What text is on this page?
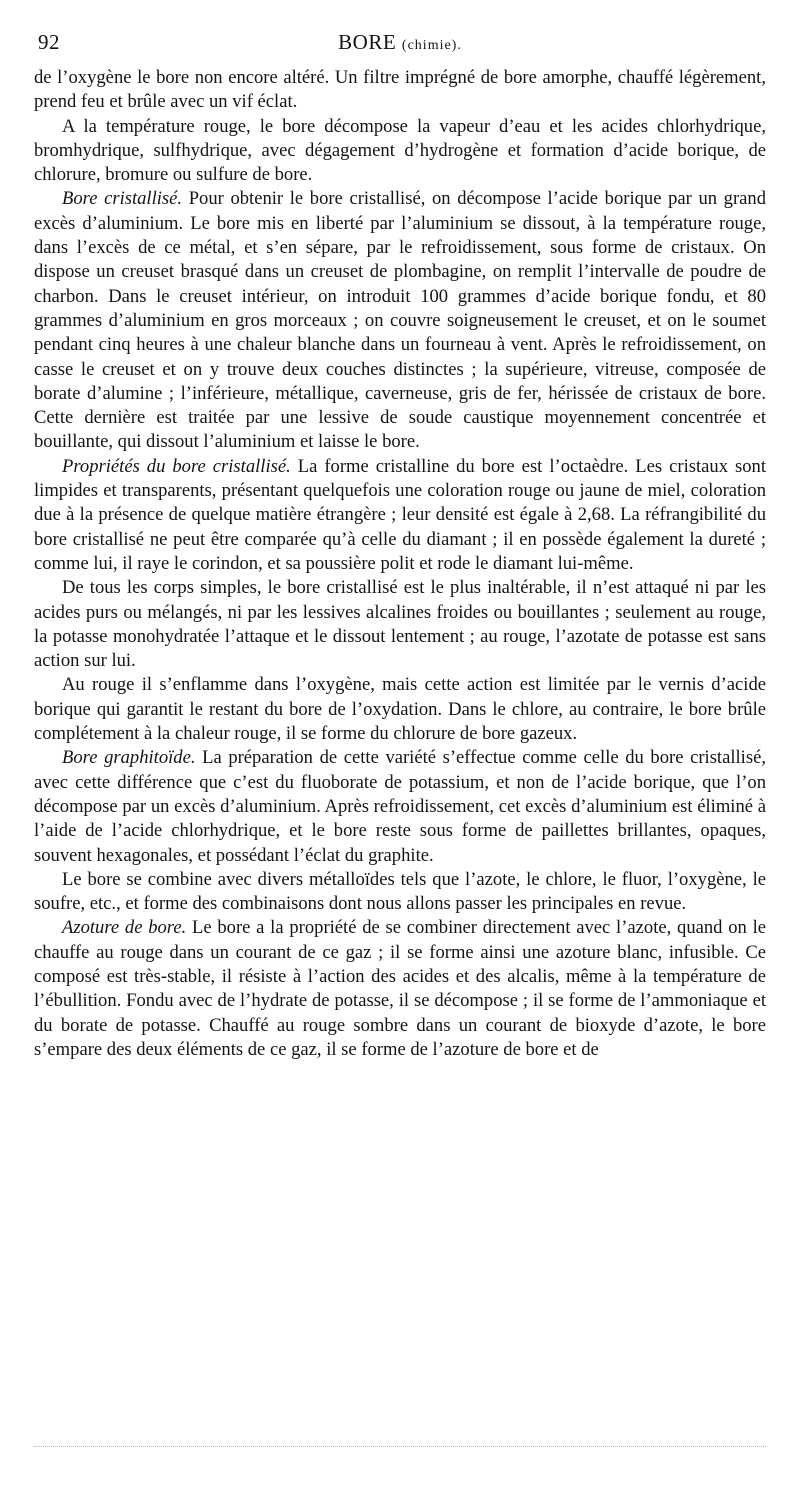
92	BORE (chimie).

de l’oxygène le bore non encore altéré. Un filtre imprégné de bore amorphe, chauffé légèrement, prend feu et brûle avec un vif éclat.

A la température rouge, le bore décompose la vapeur d’eau et les acides chlorhydrique, bromhydrique, sulfhydrique, avec dégagement d’hydrogène et formation d’acide borique, de chlorure, bromure ou sulfure de bore.

Bore cristallisé. Pour obtenir le bore cristallisé, on décompose l’acide borique par un grand excès d’aluminium. Le bore mis en liberté par l’aluminium se dissout, à la température rouge, dans l’excès de ce métal, et s’en sépare, par le refroidissement, sous forme de cristaux. On dispose un creuset brasqué dans un creuset de plombagine, on remplit l’intervalle de poudre de charbon. Dans le creuset intérieur, on introduit 100 grammes d’acide borique fondu, et 80 grammes d’aluminium en gros morceaux ; on couvre soigneusement le creuset, et on le soumet pendant cinq heures à une chaleur blanche dans un fourneau à vent. Après le refroidissement, on casse le creuset et on y trouve deux couches distinctes ; la supérieure, vitreuse, composée de borate d’alumine ; l’inférieure, métallique, caverneuse, gris de fer, hérissée de cristaux de bore. Cette dernière est traitée par une lessive de soude caustique moyennement concentrée et bouillante, qui dissout l’aluminium et laisse le bore.

Propriétés du bore cristallisé. La forme cristalline du bore est l’octaèdre. Les cristaux sont limpides et transparents, présentant quelquefois une coloration rouge ou jaune de miel, coloration due à la présence de quelque matière étrangère ; leur densité est égale à 2,68. La réfrangibilité du bore cristallisé ne peut être comparée qu’à celle du diamant ; il en possède également la dureté ; comme lui, il raye le corindon, et sa poussière polit et rode le diamant lui-même.

De tous les corps simples, le bore cristallisé est le plus inaltérable, il n’est attaqué ni par les acides purs ou mélangés, ni par les lessives alcalines froides ou bouillantes ; seulement au rouge, la potasse monohydratée l’attaque et le dissout lentement ; au rouge, l’azotate de potasse est sans action sur lui.

Au rouge il s’enflamme dans l’oxygène, mais cette action est limitée par le vernis d’acide borique qui garantit le restant du bore de l’oxydation. Dans le chlore, au contraire, le bore brûle complétement à la chaleur rouge, il se forme du chlorure de bore gazeux.

Bore graphitoïde. La préparation de cette variété s’effectue comme celle du bore cristallisé, avec cette différence que c’est du fluoborate de potassium, et non de l’acide borique, que l’on décompose par un excès d’aluminium. Après refroidissement, cet excès d’aluminium est éliminé à l’aide de l’acide chlorhydrique, et le bore reste sous forme de paillettes brillantes, opaques, souvent hexagonales, et possédant l’éclat du graphite.

Le bore se combine avec divers métalloïdes tels que l’azote, le chlore, le fluor, l’oxygène, le soufre, etc., et forme des combinaisons dont nous allons passer les principales en revue.

Azoture de bore. Le bore a la propriété de se combiner directement avec l’azote, quand on le chauffe au rouge dans un courant de ce gaz ; il se forme ainsi une azoture blanc, infusible. Ce composé est très-stable, il résiste à l’action des acides et des alcalis, même à la température de l’ébullition. Fondu avec de l’hydrate de potasse, il se décompose ; il se forme de l’ammoniaque et du borate de potasse. Chauffé au rouge sombre dans un courant de bioxyde d’azote, le bore s’empare des deux éléments de ce gaz, il se forme de l’azoture de bore et de
